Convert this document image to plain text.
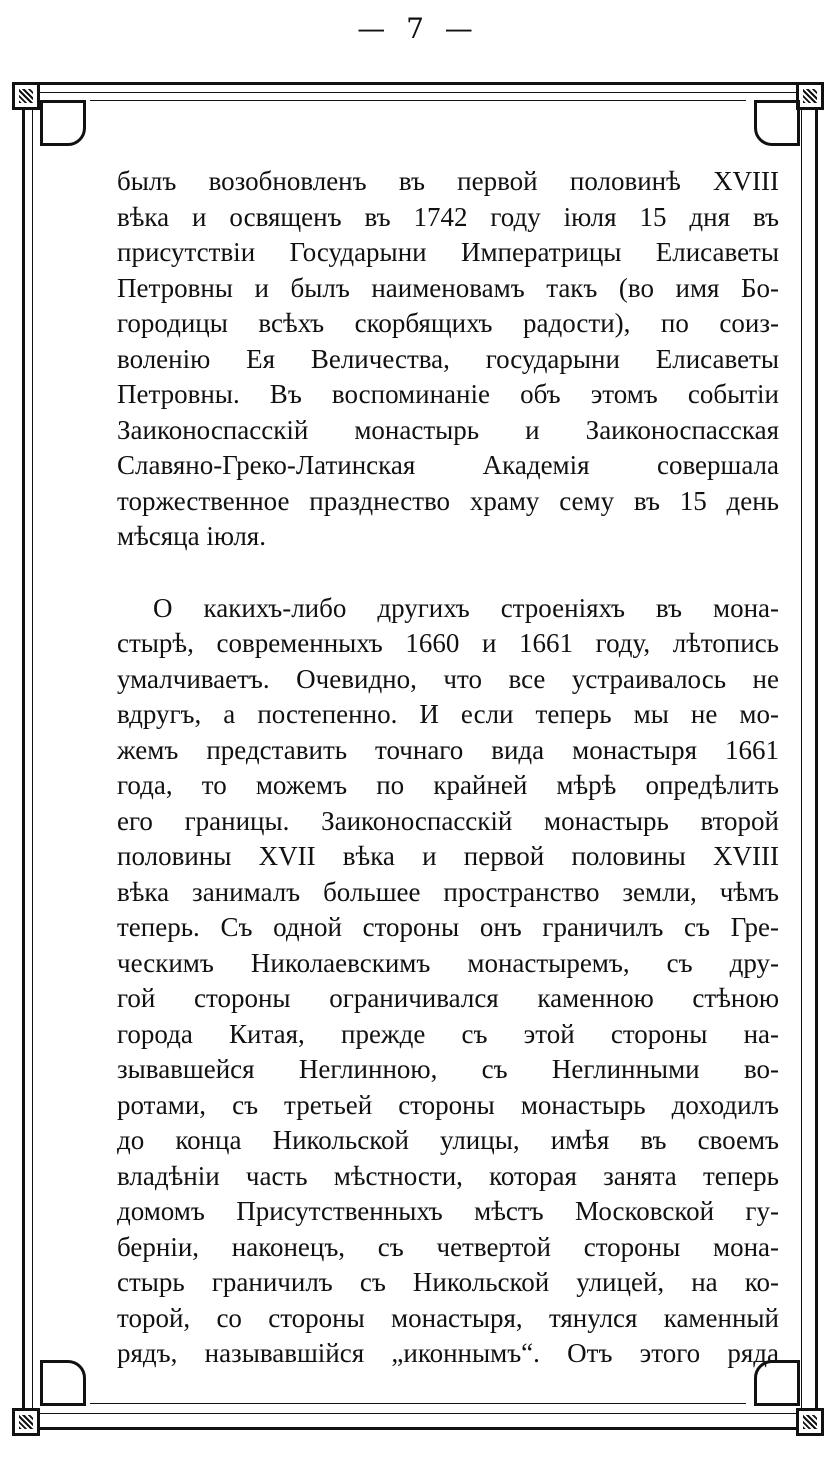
— 7 —
былъ возобновленъ въ первой половинѣ XVIII
вѣка и освященъ въ 1742 году іюля 15 дня въ
присутствіи Государыни Императрицы Елисаветы
Петровны и былъ наименовамъ такъ (во имя Бо-
городицы всѣхъ скорбящихъ радости), по соиз-
воленію Ея Величества, государыни Елисаветы
Петровны. Въ воспоминаніе объ этомъ событіи
Заиконоспасскій монастырь и Заиконоспасская
Славяно-Греко-Латинская Академія совершала
торжественное празднество храму сему въ 15 день
мѣсяца іюля.
О какихъ-либо другихъ строеніяхъ въ мона-
стырѣ, современныхъ 1660 и 1661 году, лѣтопись
умалчиваетъ. Очевидно, что все устраивалось не
вдругъ, а постепенно. И если теперь мы не мо-
жемъ представить точнаго вида монастыря 1661
года, то можемъ по крайней мѣрѣ опредѣлить
его границы. Заиконоспасскій монастырь второй
половины XVII вѣка и первой половины XVIII
вѣка занималъ большее пространство земли, чѣмъ
теперь. Съ одной стороны онъ граничилъ съ Гре-
ческимъ Николаевскимъ монастыремъ, съ дру-
гой стороны ограничивался каменною стѣною
города Китая, прежде съ этой стороны на-
зывавшейся Неглинною, съ Неглинными во-
ротами, съ третьей стороны монастырь доходилъ
до конца Никольской улицы, имѣя въ своемъ
владѣніи часть мѣстности, которая занята теперь
домомъ Присутственныхъ мѣстъ Московской гу-
берніи, наконецъ, съ четвертой стороны мона-
стырь граничилъ съ Никольской улицей, на ко-
торой, со стороны монастыря, тянулся каменный
рядъ, называвшійся „иконнымъ“. Отъ этого ряда
